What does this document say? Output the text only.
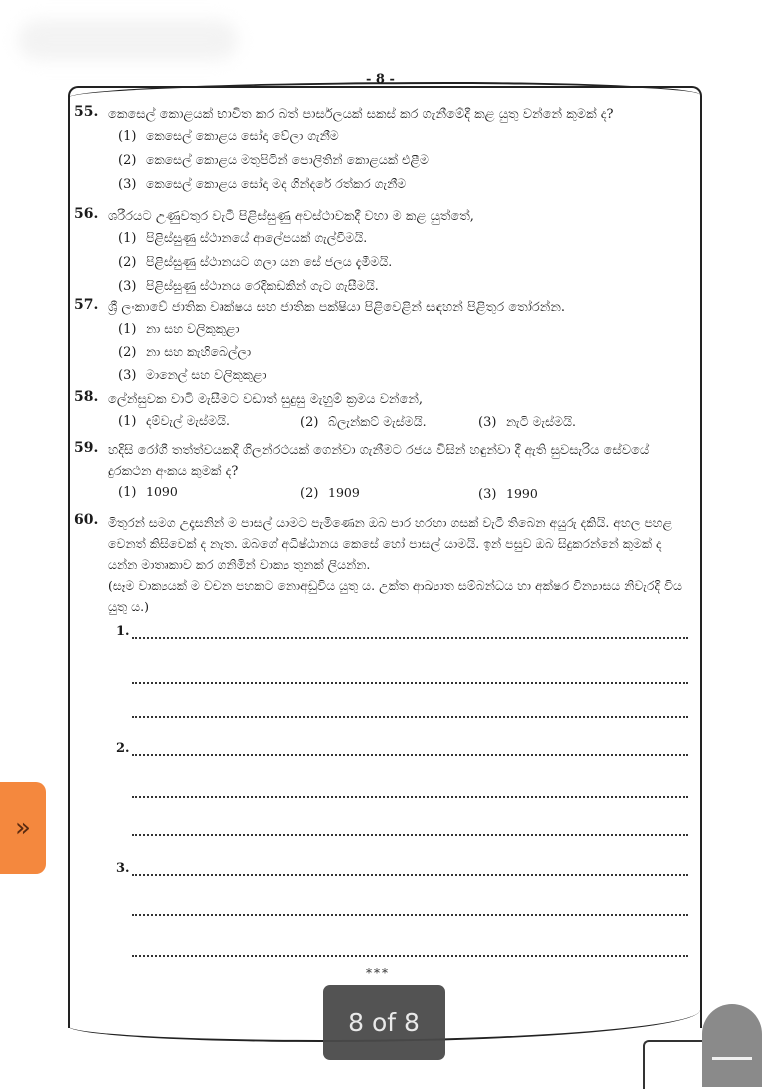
- 8 -
55. කෙසෙල් කොළයක් භාවිත කර බත් පාර්සලයක් සකස් කර ගැනීමේදී කළ යුතු වන්නේ කුමක් ද?
(1) කෙසෙල් කොළය සෝදා වේලා ගැනීම
(2) කෙසෙල් කොළය මතුපිටින් පොලිතින් කොළයක් එළීම
(3) කෙසෙල් කොළය සෝදා මද ගින්දරේ රත්කර ගැනීම
56. ශරීරයට උණුවතුර වැටී පිළිස්සුණු අවස්ථාවකදී වහා ම කළ යුත්තේ,
(1) පිළිස්සුණු ස්ථානයේ ආලේපයක් ගැල්වීමයි.
(2) පිළිස්සුණු ස්ථානයට ගලා යන සේ ජලය දැමීමයි.
(3) පිළිස්සුණු ස්ථානය රෙදිකඩකින් ගැට ගැසීමයි.
57. ශ්‍රී ලංකාවේ ජාතික වෘක්ෂය සහ ජාතික පක්ෂියා පිළිවෙළින් සඳහන් පිළිතුර තෝරන්න.
(1) නා සහ වලිකුකුළා
(2) නා සහ කැහිබෙල්ලා
(3) මානෙල් සහ වලිකුකුළා
58. ලේන්සුවක වාටි මැසීමට වඩාත් සුදුසු මැහුම් ක්‍රමය වන්නේ,
(1) දම්වැල් මැස්මයි.	(2) බ්ලැන්කට් මැස්මයි.	(3) නැටි මැස්මයි.
59. හදිසි රෝගී තත්ත්වයකදී ගිලන්රථයක් ගෙන්වා ගැනීමට රජය විසින් හඳුන්වා දී ඇති සුවසැරිය සේවයේ දුරකථන අංකය කුමක් ද?
(1) 1090	(2) 1909	(3) 1990
60. මිතුරන් සමග උදෑසනින් ම පාසල් යාමට පැමිණෙන ඔබ පාර හරහා ගසක් වැටී තිබෙන අයුරු දකියි. අහල පහළ වෙනත් කිසිවෙක් ද නැත. ඔබගේ අධිෂ්ඨානය කෙසේ හෝ පාසල් යාමයි. ඉන් පසුව ඔබ සිදුකරන්නේ කුමක් ද යන්න මාතෘකාව කර ගනිමින් වාක්‍ය තුනක් ලියන්න.
(සෑම වාක්‍යයක් ම වචන පහකට නොඅඩුවිය යුතු ය. උක්ත ආඛ්‍යාත සම්බන්ධය හා අක්ෂර වින්‍යාසය නිවැරදි විය යුතු ය.)
1.
2.
3.
***
8 of 8
»
